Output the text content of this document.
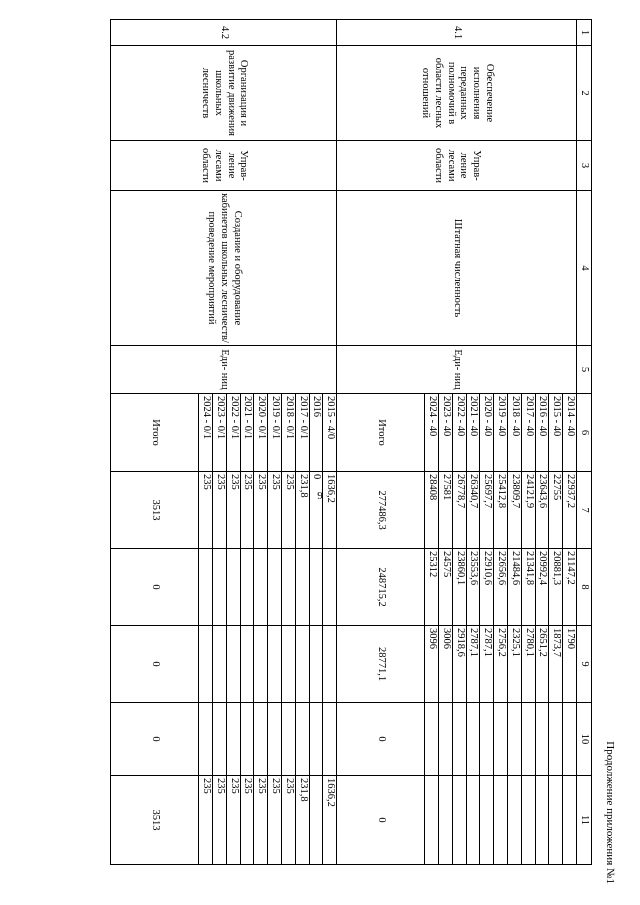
9
Продолжение приложения №1
1	2	3	4	5	6	7	8	9	10	11
4.1	Обеспечение исполнения переданных полномочий в области лесных отношений	Управ- ление лесами области	Штатная численность	Еди- ниц	2014 - 40	22937,2	21147,2	1790		
					2015 - 40	22755	20881,3	1873,7		
					2016 - 40	23643,6	20992,4	2651,2		
					2017 - 40	24121,9	21341,8	2780,1		
					2018 - 40	23809,7	21484,6	2325,1		
					2019 - 40	25412,8	22656,6	2756,2		
					2020 - 40	25697,7	22910,6	2787,1		
					2021 - 40	26340,7	23553,6	2787,1		
					2022 - 40	26778,7	23860,1	2918,6		
					2023 - 40	27581	24575	3006		
					2024 - 40	28408	25312	3096		
					Итого	277486,3	248715,2	28771,1	0	0
4.2	Организация и развитие движения школьных лесничеств	Управ- ление лесами области	Создание и оборудование кабинетов школьных лесничеств/проведение мероприятий	Еди- ниц	2015 - 4/0	1636,2				1636,2
					2016	0				
					2017 - 0/1	231,8				231,8
					2018 - 0/1	235				235
					2019 - 0/1	235				235
					2020 - 0/1	235				235
					2021 - 0/1	235				235
					2022 - 0/1	235				235
					2023 - 0/1	235				235
					2024 - 0/1	235				235
					Итого	3513	0	0	0	3513
